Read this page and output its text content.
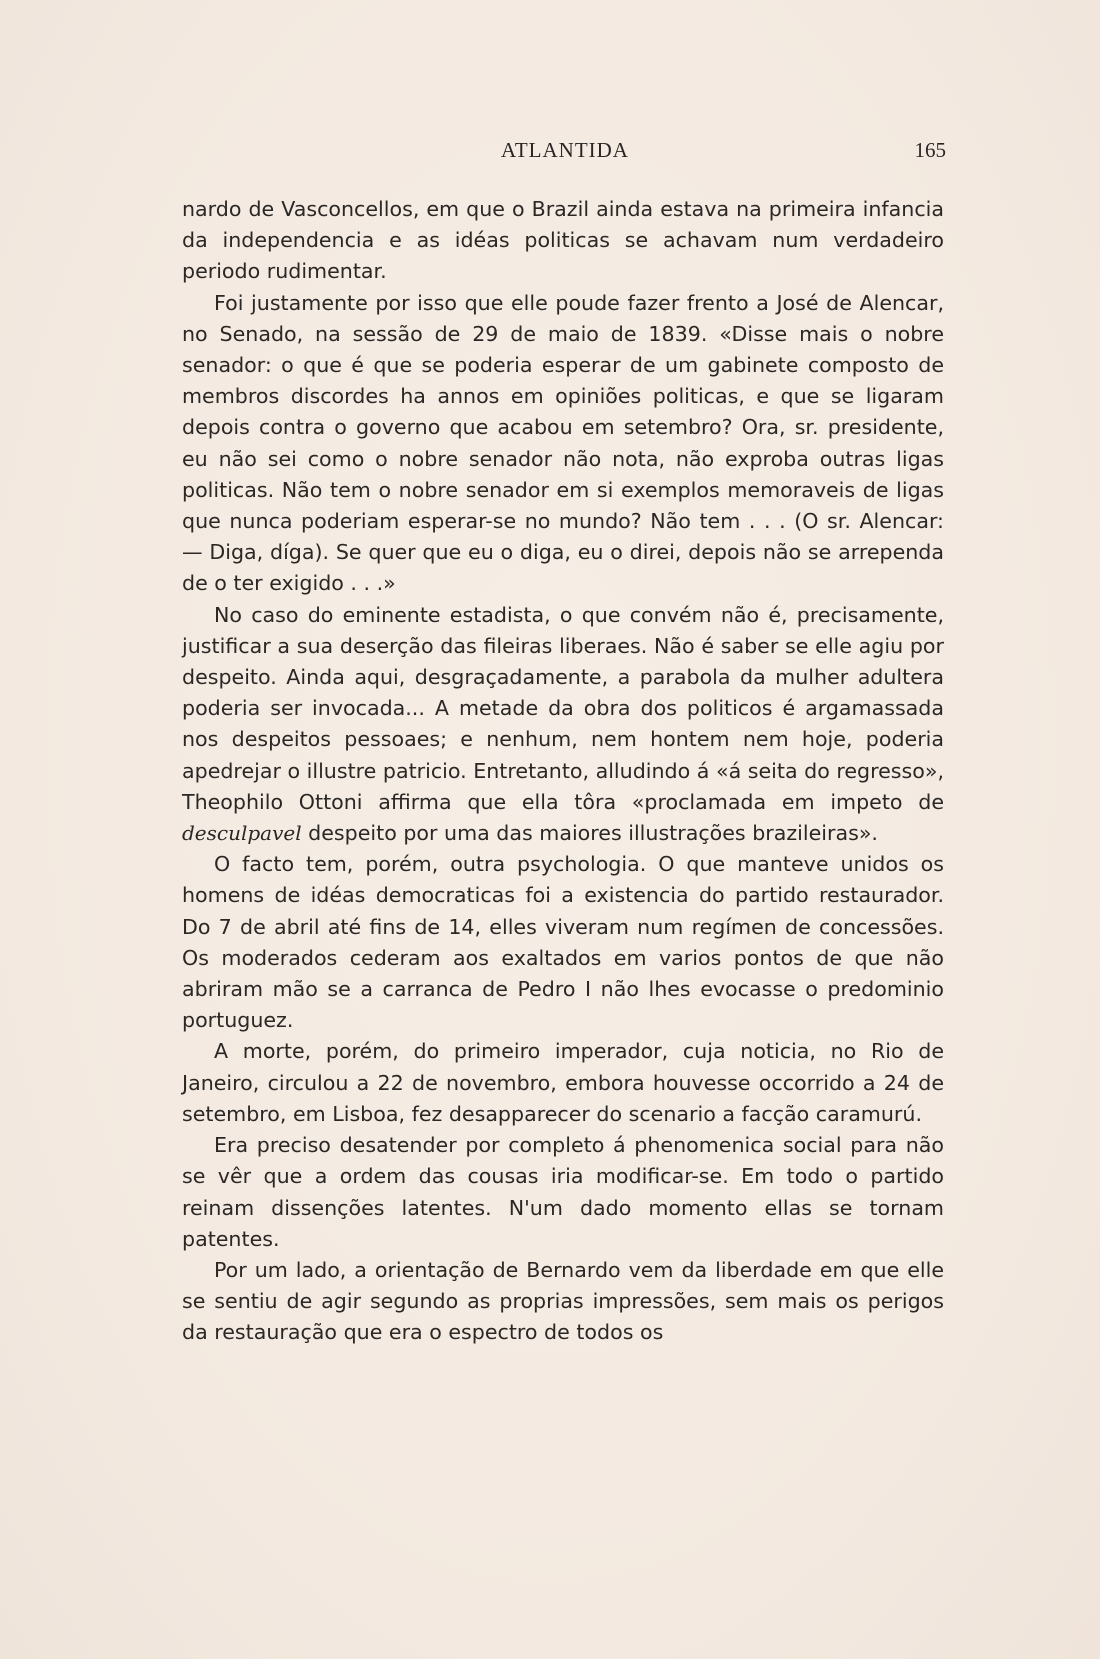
ATLANTIDA	165

nardo de Vasconcellos, em que o Brazil ainda estava na primeira infancia da independencia e as idéas politicas se achavam num verdadeiro periodo rudimentar.

Foi justamente por isso que elle poude fazer frento a José de Alencar, no Senado, na sessão de 29 de maio de 1839. «Disse mais o nobre senador: o que é que se poderia esperar de um gabinete composto de membros discordes ha annos em opiniões politicas, e que se ligaram depois contra o governo que acabou em setembro? Ora, sr. presidente, eu não sei como o nobre senador não nota, não exproba outras ligas politicas. Não tem o nobre senador em si exemplos memoraveis de ligas que nunca poderiam esperar-se no mundo? Não tem . . . (O sr. Alencar: — Diga, díga). Se quer que eu o diga, eu o direi, depois não se arrependa de o ter exigido . . .»

No caso do eminente estadista, o que convém não é, precisamente, justificar a sua deserção das fileiras liberaes. Não é saber se elle agiu por despeito. Ainda aqui, desgraçadamente, a parabola da mulher adultera poderia ser invocada... A metade da obra dos politicos é argamassada nos despeitos pessoaes; e nenhum, nem hontem nem hoje, poderia apedrejar o illustre patricio. Entretanto, alludindo á «á seita do regresso», Theophilo Ottoni affirma que ella tôra «proclamada em impeto de desculpavel despeito por uma das maiores illustrações brazileiras».

O facto tem, porém, outra psychologia. O que manteve unidos os homens de idéas democraticas foi a existencia do partido restaurador. Do 7 de abril até fins de 14, elles viveram num regímen de concessões. Os moderados cederam aos exaltados em varios pontos de que não abriram mão se a carranca de Pedro I não lhes evocasse o predominio portuguez.

A morte, porém, do primeiro imperador, cuja noticia, no Rio de Janeiro, circulou a 22 de novembro, embora houvesse occorrido a 24 de setembro, em Lisboa, fez desapparecer do scenario a facção caramurú.

Era preciso desatender por completo á phenomenica social para não se vêr que a ordem das cousas iria modificar-se. Em todo o partido reinam dissenções latentes. N'um dado momento ellas se tornam patentes.

Por um lado, a orientação de Bernardo vem da liberdade em que elle se sentiu de agir segundo as proprias impressões, sem mais os perigos da restauração que era o espectro de todos os
